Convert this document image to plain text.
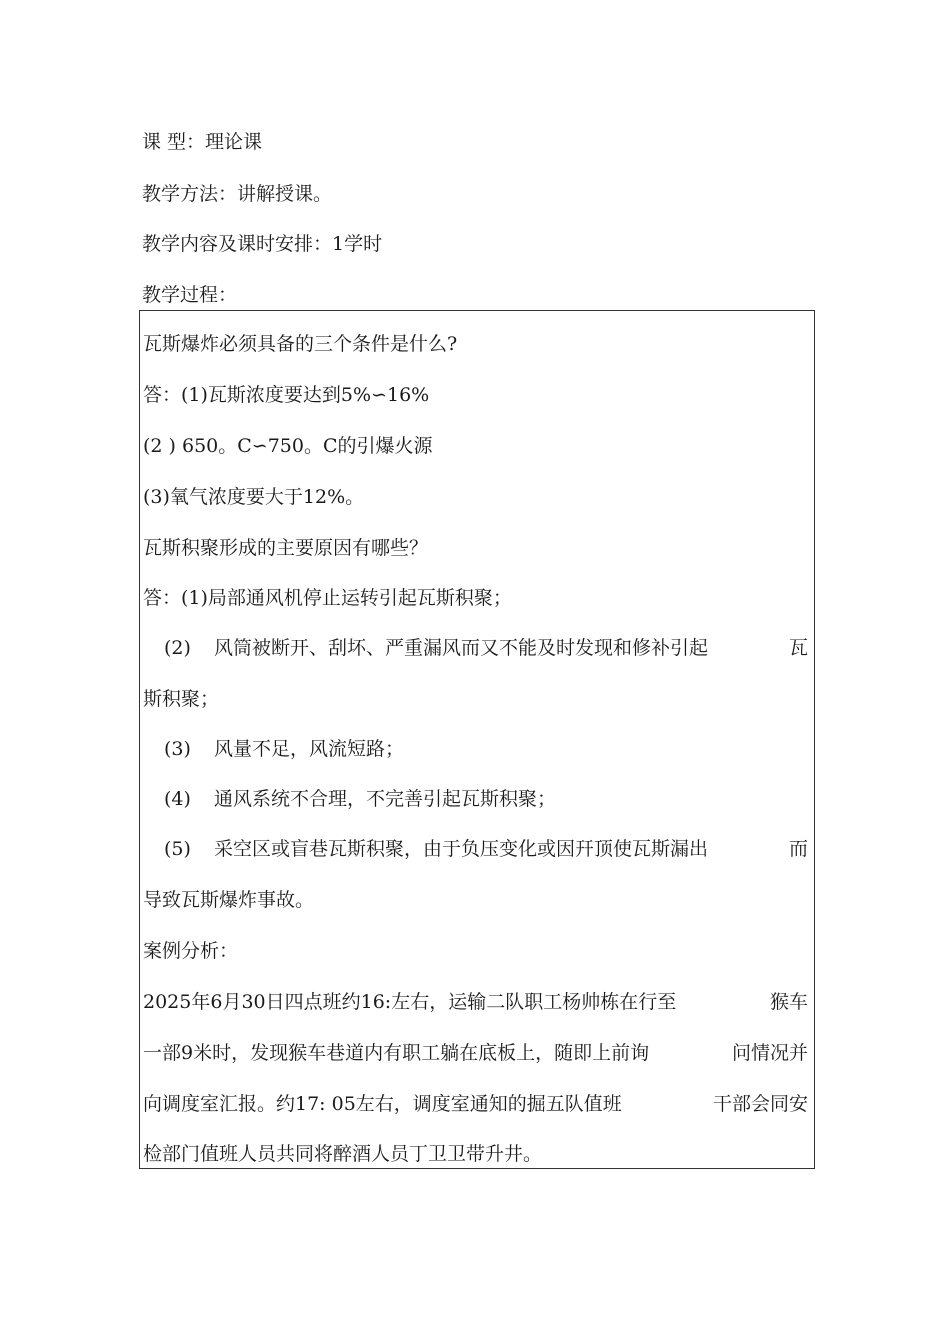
课 型：理论课
教学方法：讲解授课。
教学内容及课时安排：1学时
教学过程：
瓦斯爆炸必须具备的三个条件是什么?
答：(1)瓦斯浓度要达到5%∽16%
(2 ) 650。C∽750。C的引爆火源
(3)氧气浓度要大于12%。
瓦斯积聚形成的主要原因有哪些？
答：(1)局部通风机停止运转引起瓦斯积聚；
(2)	风筒被断开、刮坏、严重漏风而又不能及时发现和修补引起	瓦
斯积聚；
(3) 风量不足，风流短路；
(4) 通风系统不合理，不完善引起瓦斯积聚；
(5)	采空区或盲巷瓦斯积聚，由于负压变化或因幵顶使瓦斯漏出	而
导致瓦斯爆炸事故。
案例分析：
2025年6月30日四点班约16:左右，运输二队职工杨帅栋在行至	猴车
一部9米时，发现猴车巷道内有职工躺在底板上，随即上前询	问情况并
向调度室汇报。约17: 05左右，调度室通知的掘五队值班	干部会同安
检部门值班人员共同将醉酒人员丁卫卫带升井。
